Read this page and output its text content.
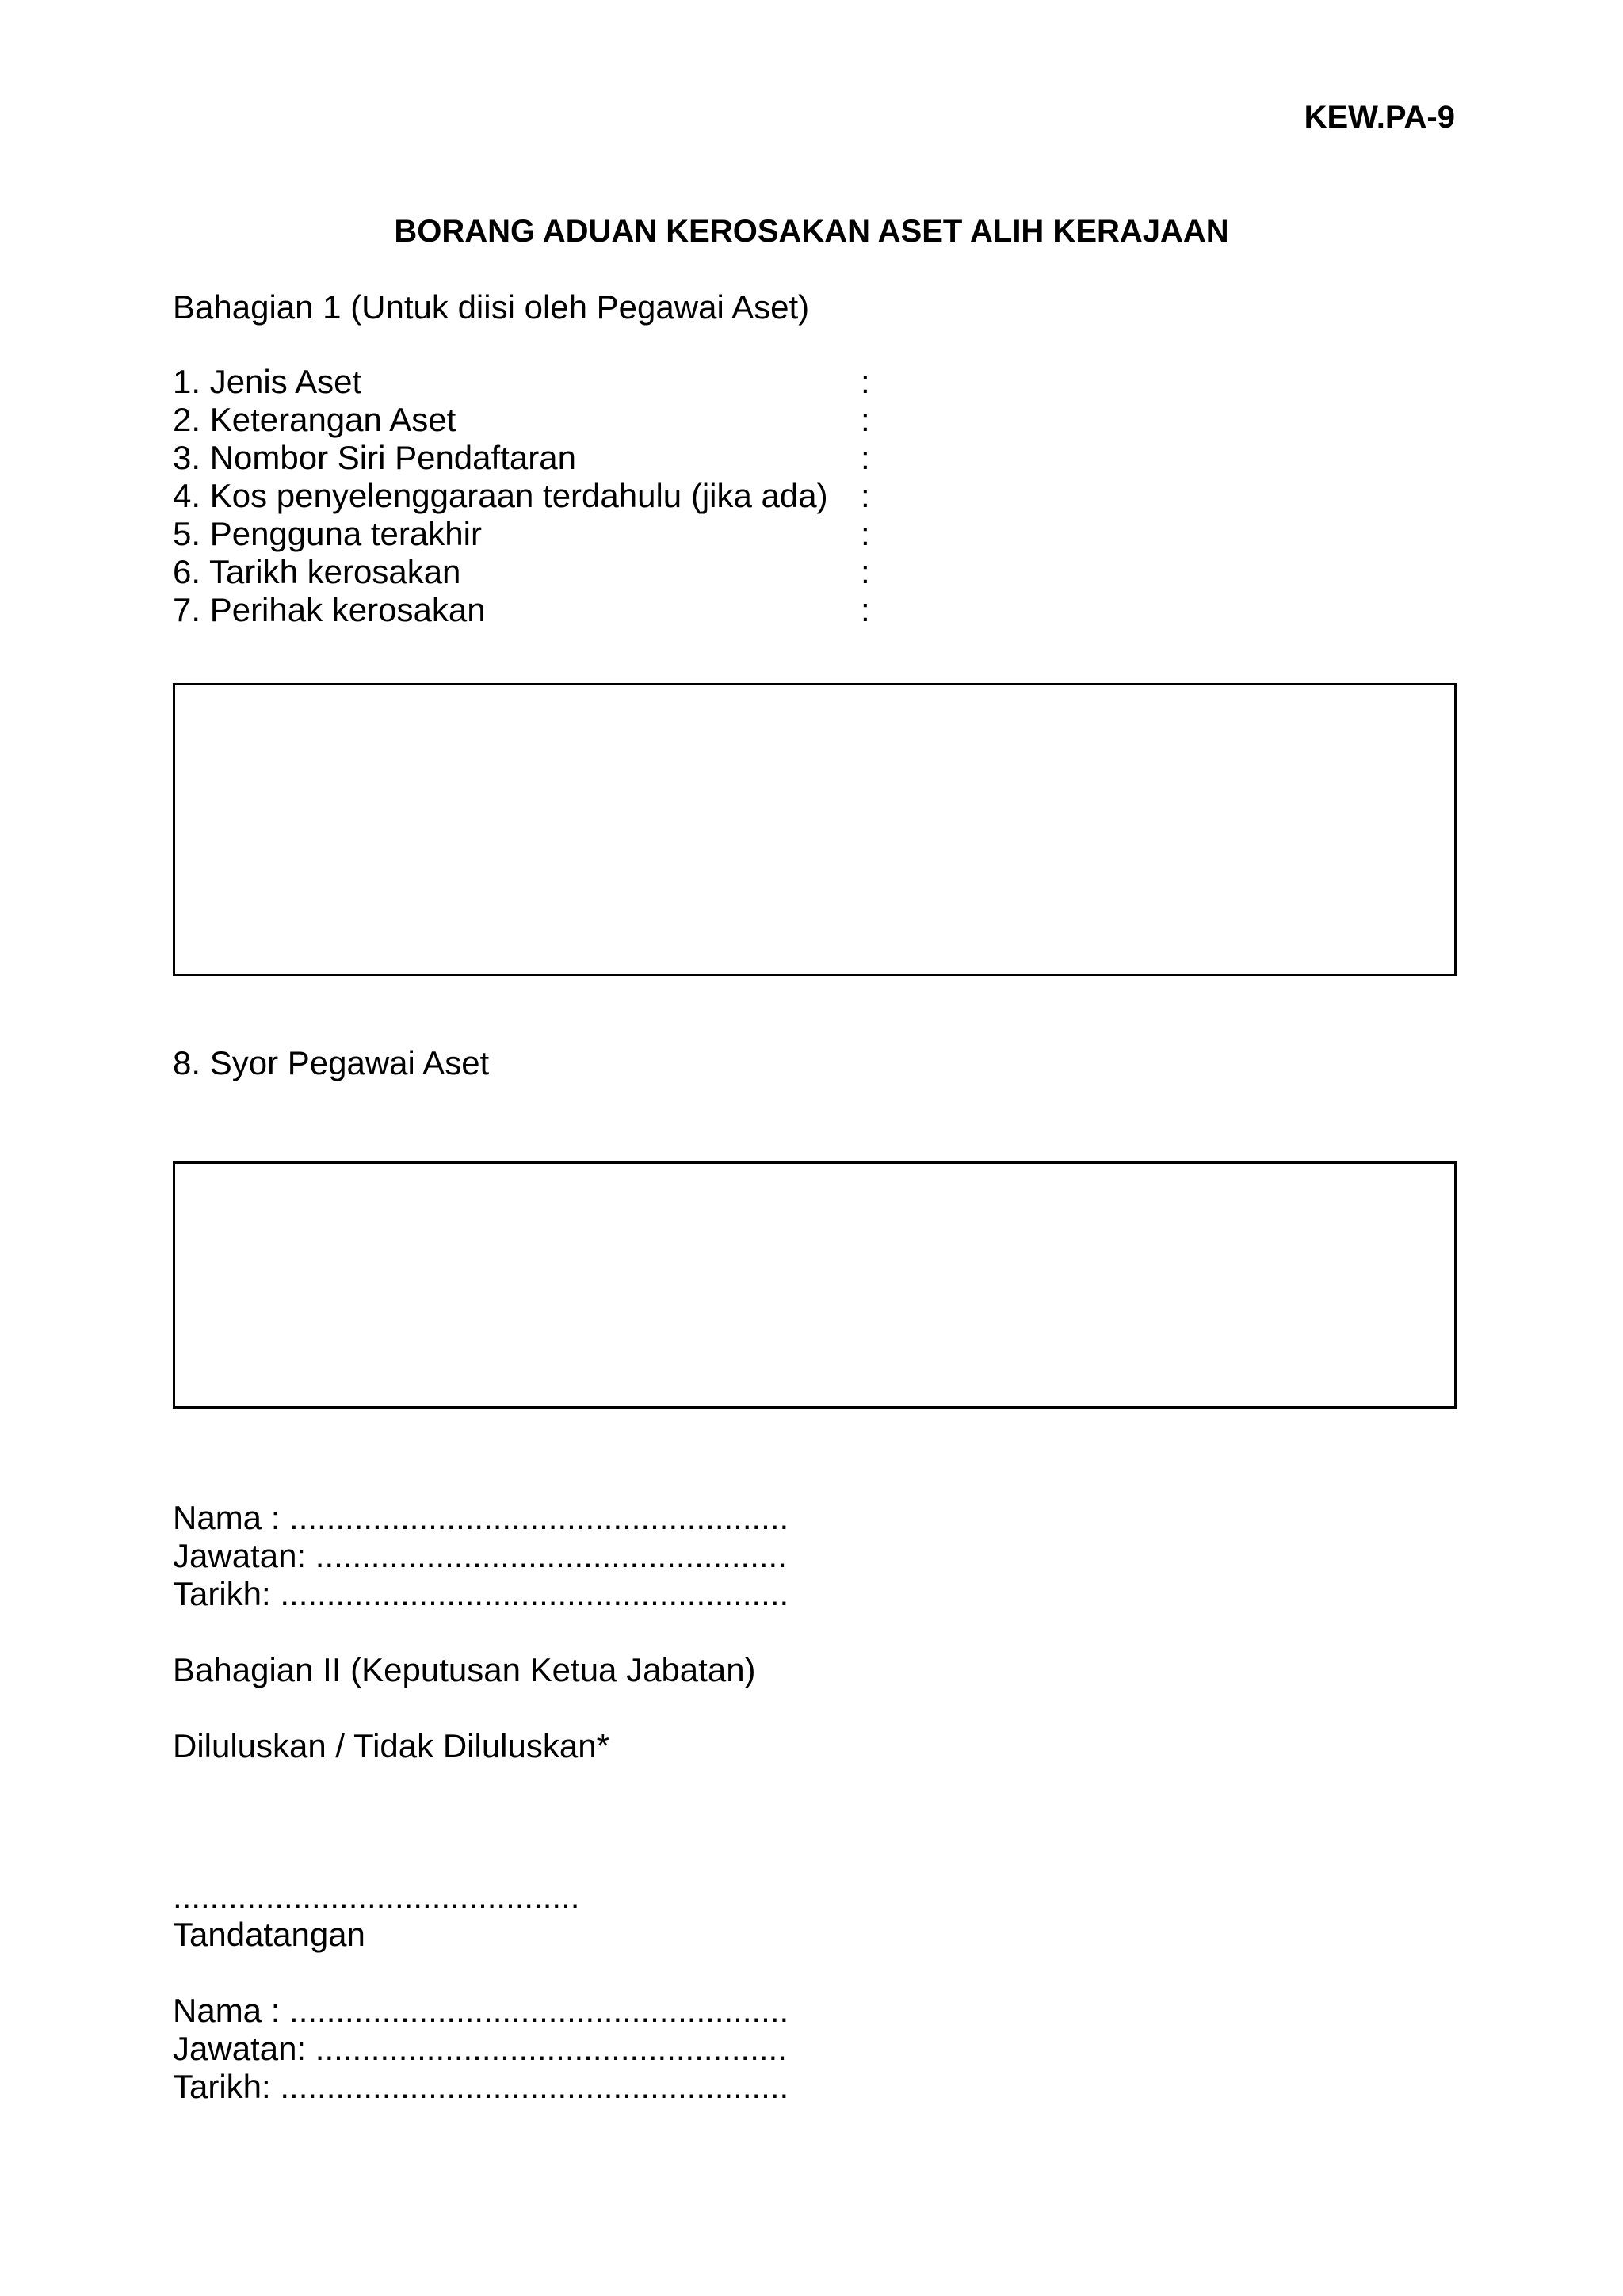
KEW.PA-9
BORANG ADUAN KEROSAKAN ASET ALIH KERAJAAN
Bahagian 1 (Untuk diisi oleh Pegawai Aset)
1. Jenis Aset	:
2. Keterangan Aset	:
3. Nombor Siri Pendaftaran	:
4. Kos penyelenggaraan terdahulu (jika ada) :
5. Pengguna terakhir	:
6. Tarikh kerosakan	:
7. Perihak kerosakan	:
8. Syor Pegawai Aset
Nama : ......................................................
Jawatan: ...................................................
Tarikh: .......................................................
Bahagian II (Keputusan Ketua Jabatan)
Diluluskan / Tidak Diluluskan*
............................................
Tandatangan
Nama : ......................................................
Jawatan: ...................................................
Tarikh: .......................................................
